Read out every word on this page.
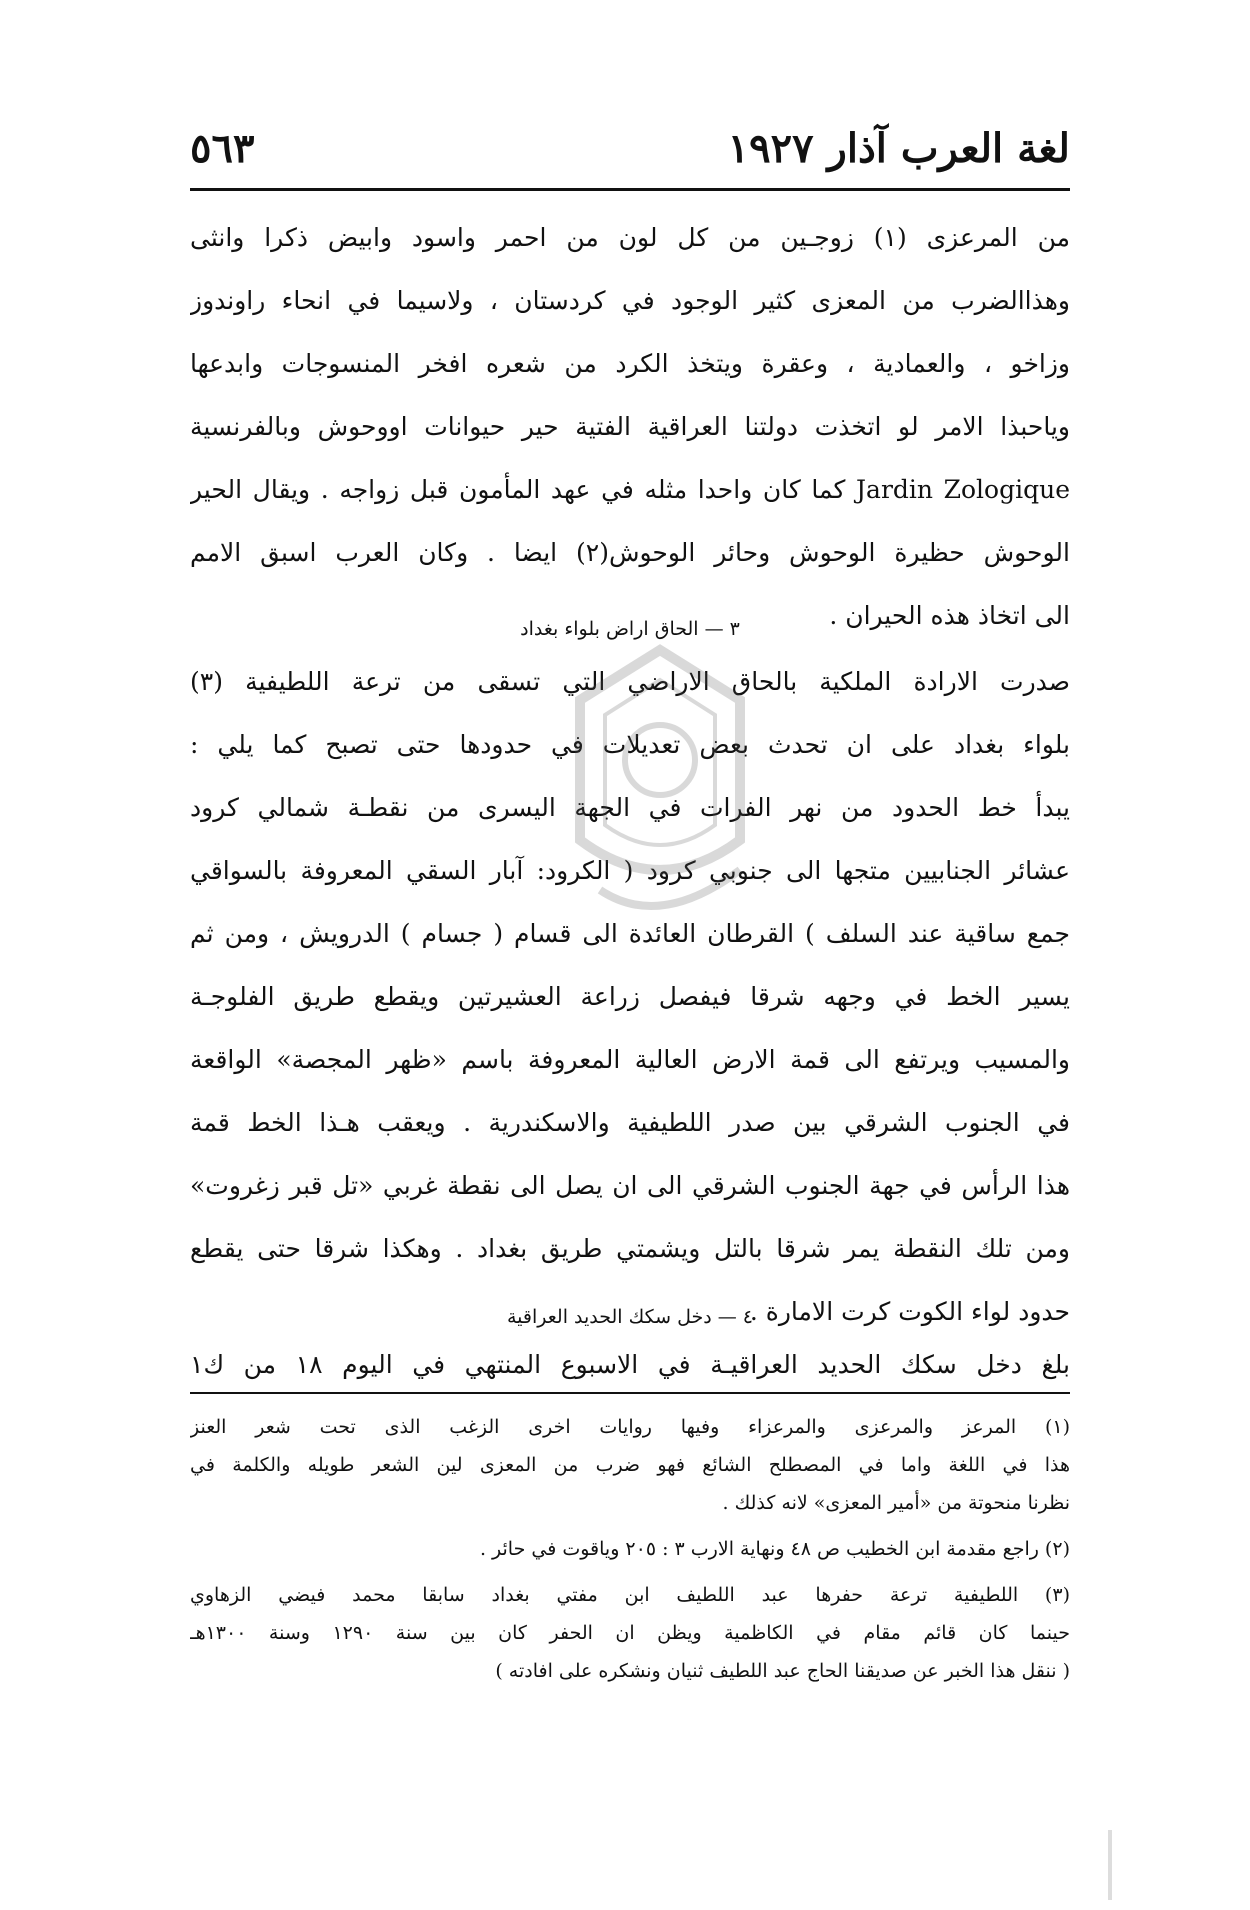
لغة العرب آذار ١٩٢٧
٥٦٣
من المرعزى (١) زوجـين من كل لون من احمر واسود وابيض ذكرا وانثى
وهذاالضرب من المعزى كثير الوجود في كردستان ، ولاسيما في انحاء راوندوز
وزاخو ، والعمادية ، وعقرة ويتخذ الكرد من شعره افخر المنسوجات وابدعها
وياحبذا الامر لو اتخذت دولتنا العراقية الفتية حير حيوانات اووحوش وبالفرنسية
Jardin Zologique كما كان واحدا مثله في عهد المأمون قبل زواجه . ويقال الحير
الوحوش حظيرة الوحوش وحائر الوحوش(٢) ايضا . وكان العرب اسبق الامم
الى اتخاذ هذه الحيران .
٣ — الحاق اراض بلواء بغداد
صدرت الارادة الملكية بالحاق الاراضي التي تسقى من ترعة اللطيفية (٣)
بلواء بغداد على ان تحدث بعض تعديلات في حدودها حتى تصبح كما يلي :
يبدأ خط الحدود من نهر الفرات في الجهة اليسرى من نقطـة شمالي كرود
عشائر الجنابيين متجها الى جنوبي كرود ( الكرود: آبار السقي المعروفة بالسواقي
جمع ساقية عند السلف ) القرطان العائدة الى قسام ( جسام ) الدرويش ، ومن ثم
يسير الخط في وجهه شرقا فيفصل زراعة العشيرتين ويقطع طريق الفلوجـة
والمسيب ويرتفع الى قمة الارض العالية المعروفة باسم «ظهر المجصة» الواقعة
في الجنوب الشرقي بين صدر اللطيفية والاسكندرية . ويعقب هـذا الخط قمة
هذا الرأس في جهة الجنوب الشرقي الى ان يصل الى نقطة غربي «تل قبر زغروت»
ومن تلك النقطة يمر شرقا بالتل ويشمتي طريق بغداد . وهكذا شرقا حتى يقطع
حدود لواء الكوت كرت الامارة .
٤ — دخل سكك الحديد العراقية
بلغ دخل سكك الحديد العراقيـة في الاسبوع المنتهي في اليوم ١٨ من ك١
(١) المرعز والمرعزى والمرعزاء وفيها روايات اخرى الزغب الذى تحت شعر العنز
هذا في اللغة واما في المصطلح الشائع فهو ضرب من المعزى لين الشعر طويله والكلمة في
نظرنا منحوتة من «أمير المعزى» لانه كذلك .
(٢) راجع مقدمة ابن الخطيب ص ٤٨ ونهاية الارب ٣ : ٢٠٥ وياقوت في حائر .
(٣) اللطيفية ترعة حفرها عبد اللطيف ابن مفتي بغداد سابقا محمد فيضي الزهاوي
حينما كان قائم مقام في الكاظمية ويظن ان الحفر كان بين سنة ١٢٩٠ وسنة ١٣٠٠هـ
( ننقل هذا الخبر عن صديقنا الحاج عبد اللطيف ثنيان ونشكره على افادته )
